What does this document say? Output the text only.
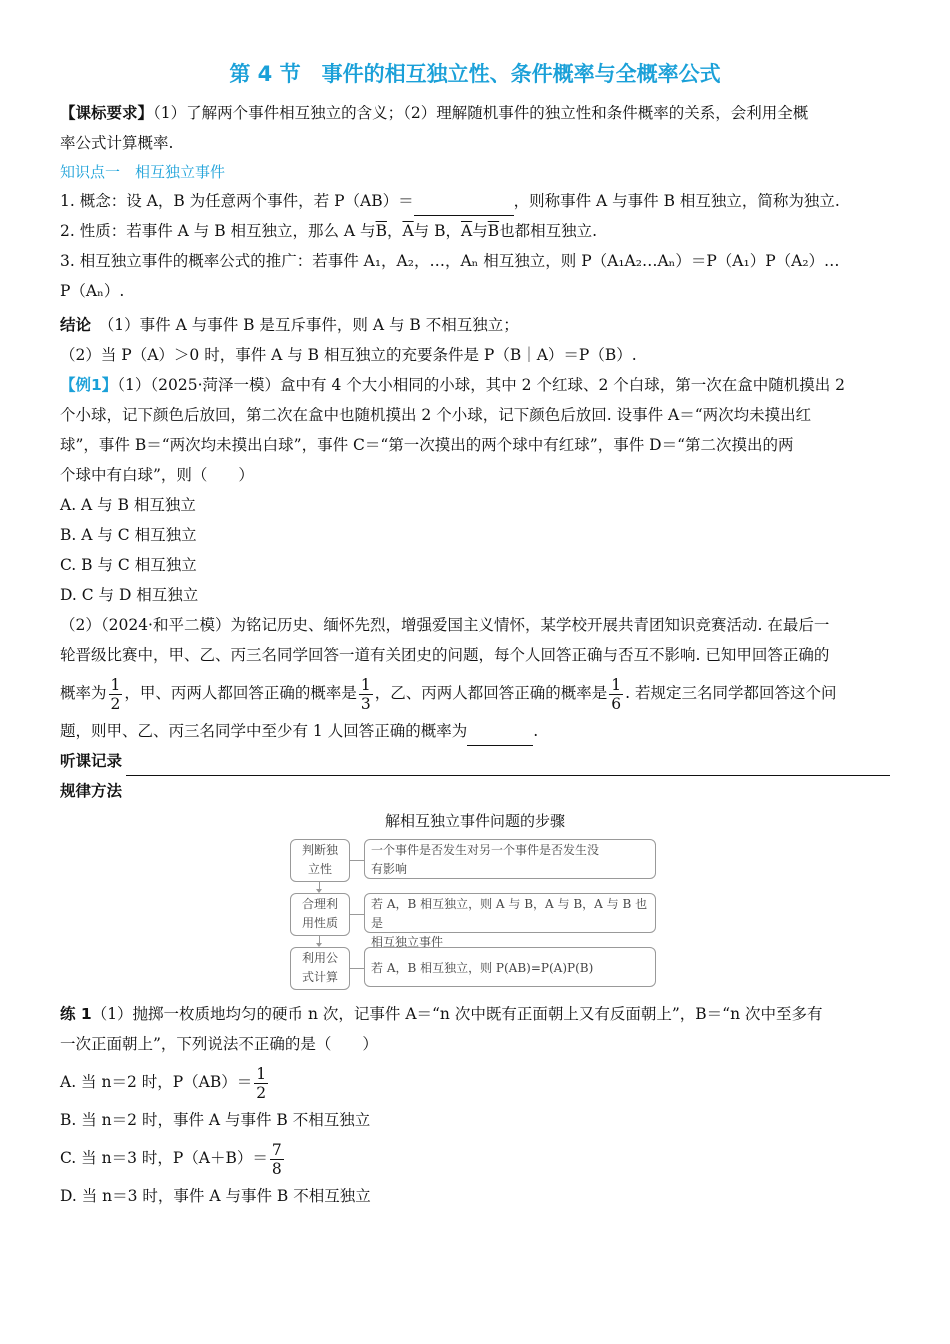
第 4 节　事件的相互独立性、条件概率与全概率公式
【课标要求】（1）了解两个事件相互独立的含义；（2）理解随机事件的独立性和条件概率的关系，会利用全概
率公式计算概率.
知识点一　相互独立事件
1. 概念：设 A，B 为任意两个事件，若 P（AB）＝	，则称事件 A 与事件 B 相互独立，简称为独立.
2. 性质：若事件 A 与 B 相互独立，那么 A 与$\overline{B}$，$\overline{A}$与 B，$\overline{A}$与$\overline{B}$也都相互独立.
3. 相互独立事件的概率公式的推广：若事件 A₁，A₂，…，Aₙ 相互独立，则 P（A₁A₂…Aₙ）＝P（A₁）P（A₂）…
P（Aₙ）.
结论　 （1）事件 A 与事件 B 是互斥事件，则 A 与 B 不相互独立；
（2）当 P（A）＞0 时，事件 A 与 B 相互独立的充要条件是 P（B｜A）＝P（B）.
【例1】（1）（2025·菏泽一模）盒中有 4 个大小相同的小球，其中 2 个红球、2 个白球，第一次在盒中随机摸出 2
个小球，记下颜色后放回，第二次在盒中也随机摸出 2 个小球，记下颜色后放回. 设事件 A＝“两次均未摸出红
球”，事件 B＝“两次均未摸出白球”，事件 C＝“第一次摸出的两个球中有红球”，事件 D＝“第二次摸出的两
个球中有白球”，则（　　）
A. A 与 B 相互独立
B. A 与 C 相互独立
C. B 与 C 相互独立
D. C 与 D 相互独立
（2）（2024·和平二模）为铭记历史、缅怀先烈，增强爱国主义情怀，某学校开展共青团知识竞赛活动. 在最后一
轮晋级比赛中，甲、乙、丙三名同学回答一道有关团史的问题，每个人回答正确与否互不影响. 已知甲回答正确的
概率为 $\frac{1}{2}$ ，甲、丙两人都回答正确的概率是 $\frac{1}{3}$ ，乙、丙两人都回答正确的概率是 $\frac{1}{6}$ . 若规定三名同学都回答这个问
题，则甲、乙、丙三名同学中至少有 1 人回答正确的概率为	.
听课记录
规律方法
解相互独立事件问题的步骤
判断独
立性
一个事件是否发生对另一个事件是否发生没
有影响
合理利
用性质
若 A，B 相互独立，则 A 与 B，A 与 B，A 与 B 也是
相互独立事件
利用公
式计算
若 A，B 相互独立，则 P(AB)=P(A)P(B)
练 1（1）抛掷一枚质地均匀的硬币 n 次，记事件 A＝“n 次中既有正面朝上又有反面朝上”，B＝“n 次中至多有
一次正面朝上”，下列说法不正确的是（　　）
A. 当 n＝2 时，$P(AB)= \frac{1}{2}$
B. 当 n＝2 时，事件 A 与事件 B 不相互独立
C. 当 n＝3 时，$P(A+B)= \frac{7}{8}$
D. 当 n＝3 时，事件 A 与事件 B 不相互独立
